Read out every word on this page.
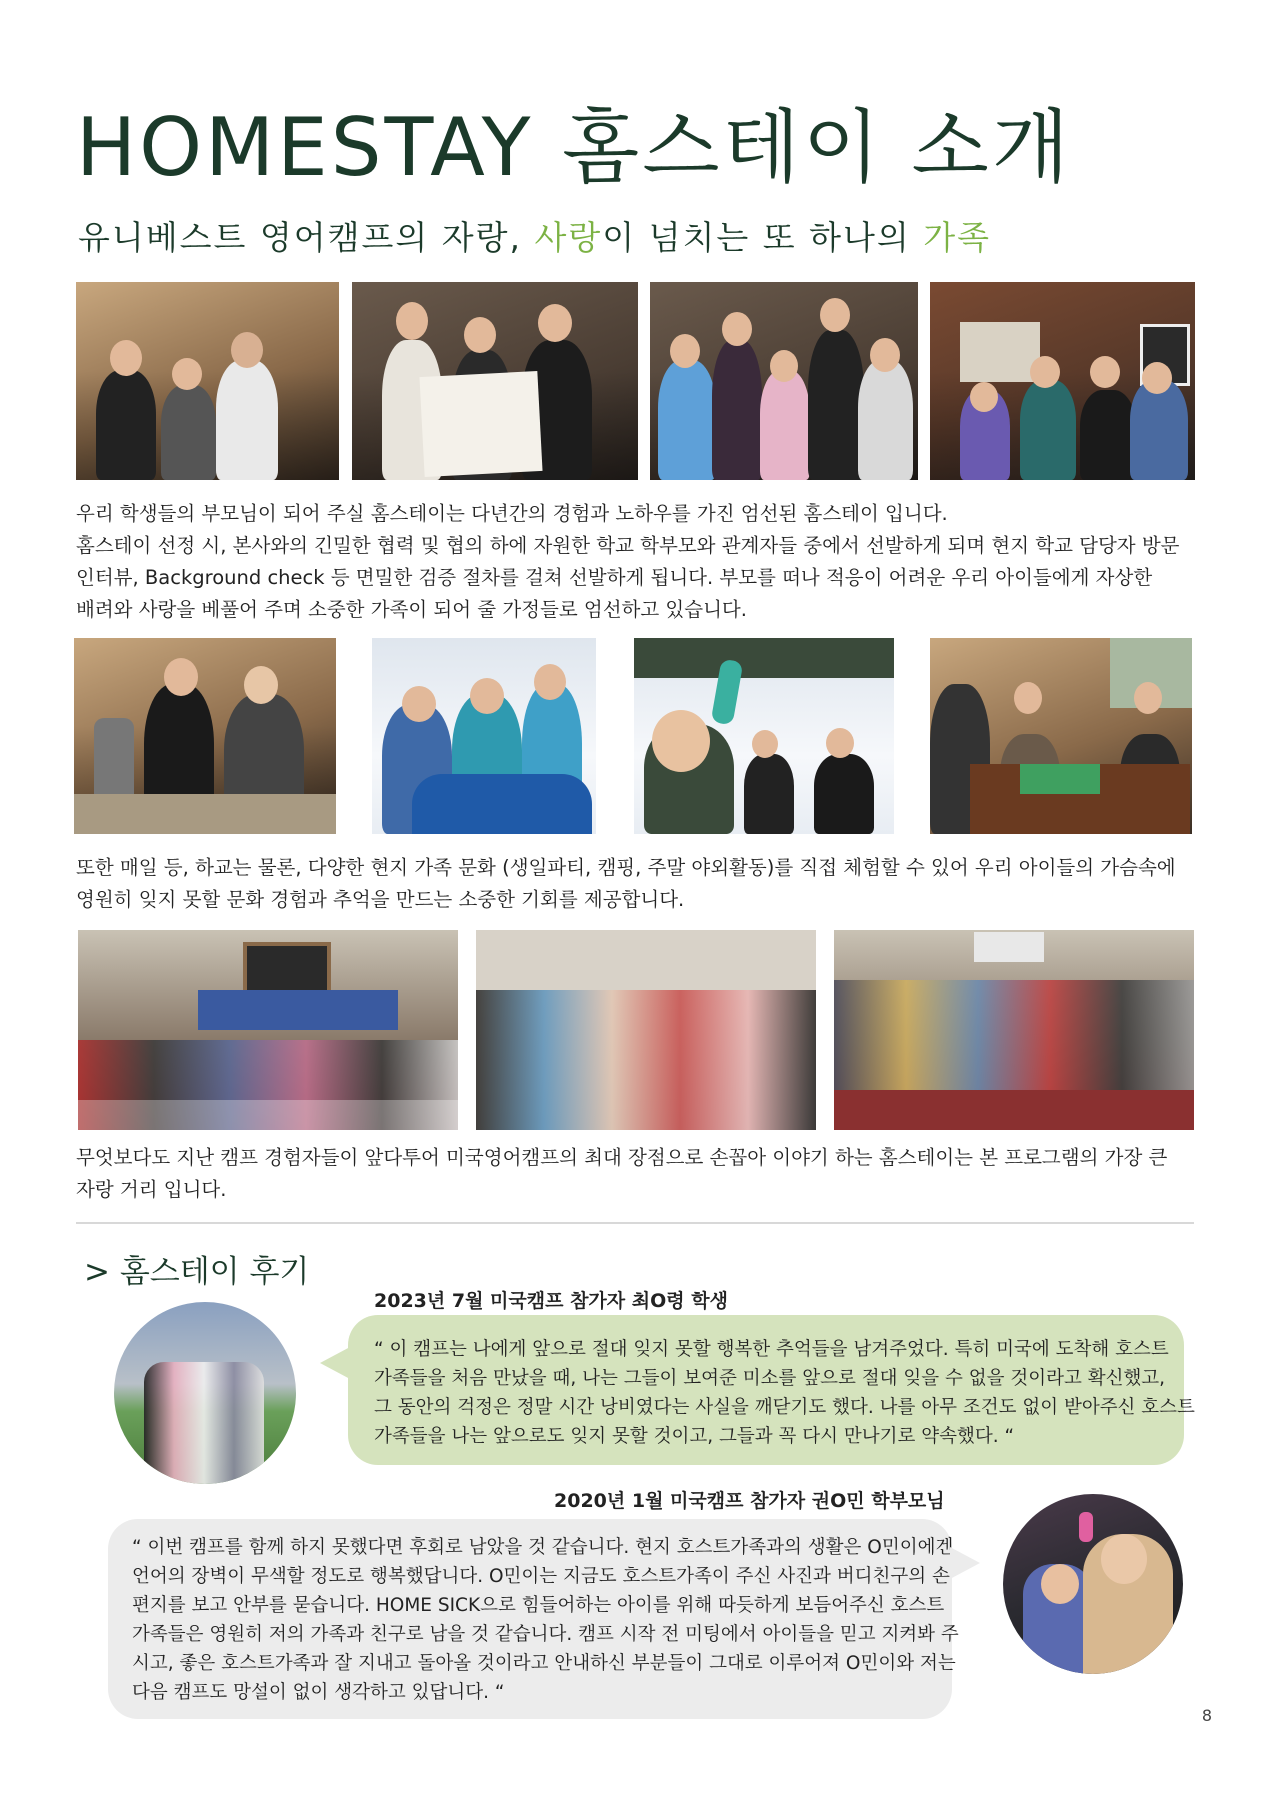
HOMESTAY 홈스테이 소개
유니베스트 영어캠프의 자랑, 사랑이 넘치는 또 하나의 가족

우리 학생들의 부모님이 되어 주실 홈스테이는 다년간의 경험과 노하우를 가진 엄선된 홈스테이 입니다.
홈스테이 선정 시, 본사와의 긴밀한 협력 및 협의 하에 자원한 학교 학부모와 관계자들 중에서 선발하게 되며 현지 학교 담당자 방문
인터뷰, Background check 등 면밀한 검증 절차를 걸쳐 선발하게 됩니다. 부모를 떠나 적응이 어려운 우리 아이들에게 자상한
배려와 사랑을 베풀어 주며 소중한 가족이 되어 줄 가정들로 엄선하고 있습니다.

또한 매일 등, 하교는 물론, 다양한 현지 가족 문화 (생일파티, 캠핑, 주말 야외활동)를 직접 체험할 수 있어 우리 아이들의 가슴속에
영원히 잊지 못할 문화 경험과 추억을 만드는 소중한 기회를 제공합니다.

무엇보다도 지난 캠프 경험자들이 앞다투어 미국영어캠프의 최대 장점으로 손꼽아 이야기 하는 홈스테이는 본 프로그램의 가장 큰
자랑 거리 입니다.

> 홈스테이 후기
2023년 7월 미국캠프 참가자 최O령 학생
“ 이 캠프는 나에게 앞으로 절대 잊지 못할 행복한 추억들을 남겨주었다. 특히 미국에 도착해 호스트
가족들을 처음 만났을 때, 나는 그들이 보여준 미소를 앞으로 절대 잊을 수 없을 것이라고 확신했고,
그 동안의 걱정은 정말 시간 낭비였다는 사실을 깨닫기도 했다. 나를 아무 조건도 없이 받아주신 호스트
가족들을 나는 앞으로도 잊지 못할 것이고, 그들과 꼭 다시 만나기로 약속했다. “
2020년 1월 미국캠프 참가자 권O민 학부모님
“ 이번 캠프를 함께 하지 못했다면 후회로 남았을 것 같습니다. 현지 호스트가족과의 생활은 O민이에겐
언어의 장벽이 무색할 정도로 행복했답니다. O민이는 지금도 호스트가족이 주신 사진과 버디친구의 손
편지를 보고 안부를 묻습니다. HOME SICK으로 힘들어하는 아이를 위해 따듯하게 보듬어주신 호스트
가족들은 영원히 저의 가족과 친구로 남을 것 같습니다. 캠프 시작 전 미팅에서 아이들을 믿고 지켜봐 주
시고, 좋은 호스트가족과 잘 지내고 돌아올 것이라고 안내하신 부분들이 그대로 이루어져 O민이와 저는
다음 캠프도 망설이 없이 생각하고 있답니다. “
8
